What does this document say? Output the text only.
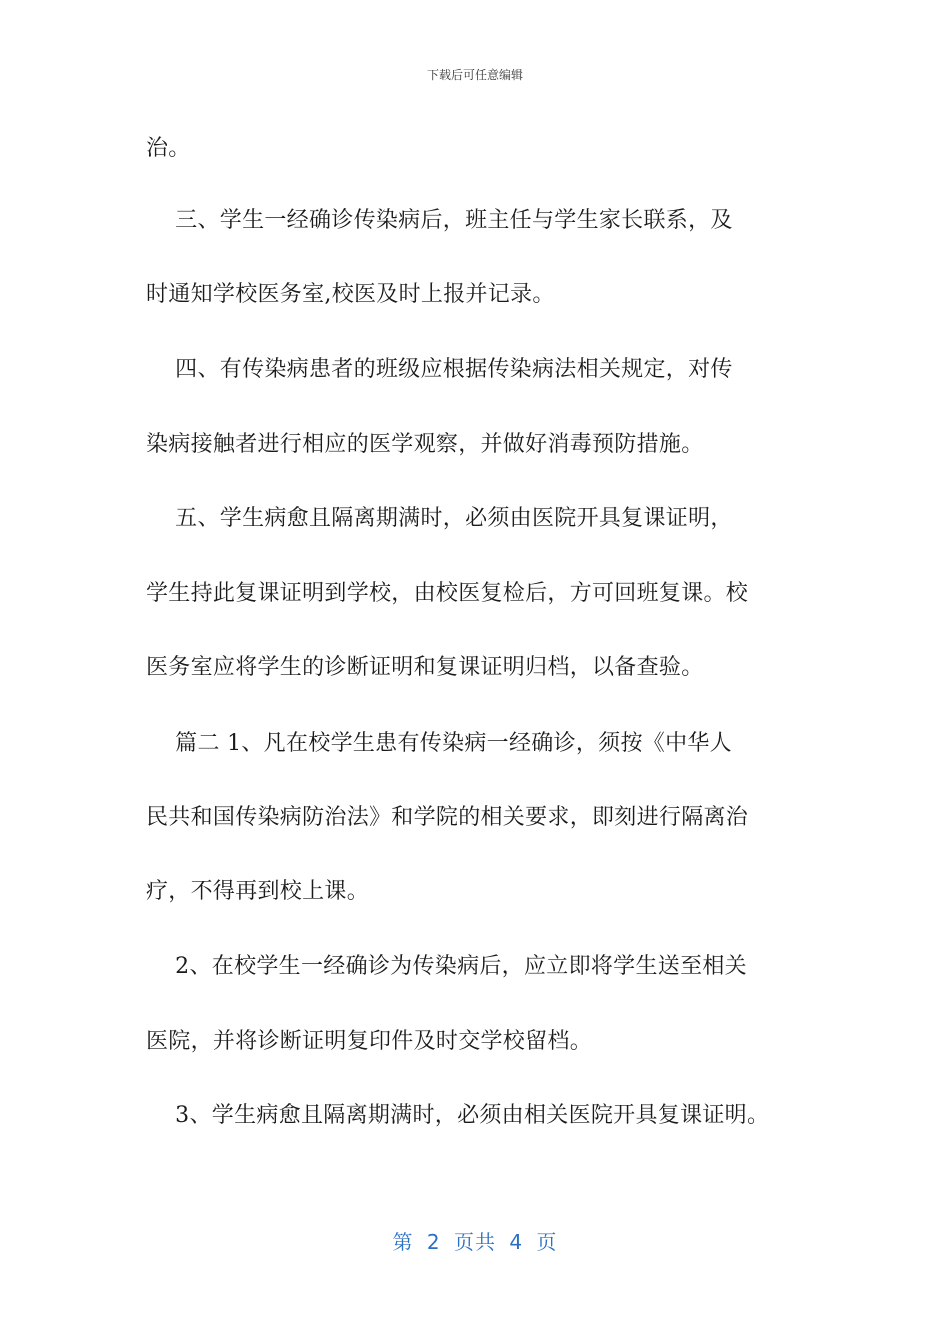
下载后可任意编辑
治。
三、学生一经确诊传染病后，班主任与学生家长联系，及
时通知学校医务室,校医及时上报并记录。
四、有传染病患者的班级应根据传染病法相关规定，对传
染病接触者进行相应的医学观察，并做好消毒预防措施。
五、学生病愈且隔离期满时，必须由医院开具复课证明，
学生持此复课证明到学校，由校医复检后，方可回班复课。校
医务室应将学生的诊断证明和复课证明归档，以备查验。
篇二 1、凡在校学生患有传染病一经确诊，须按《中华人
民共和国传染病防治法》和学院的相关要求，即刻进行隔离治
疗，不得再到校上课。
2、在校学生一经确诊为传染病后，应立即将学生送至相关
医院，并将诊断证明复印件及时交学校留档。
3、学生病愈且隔离期满时，必须由相关医院开具复课证明。
第 2 页共 4 页
